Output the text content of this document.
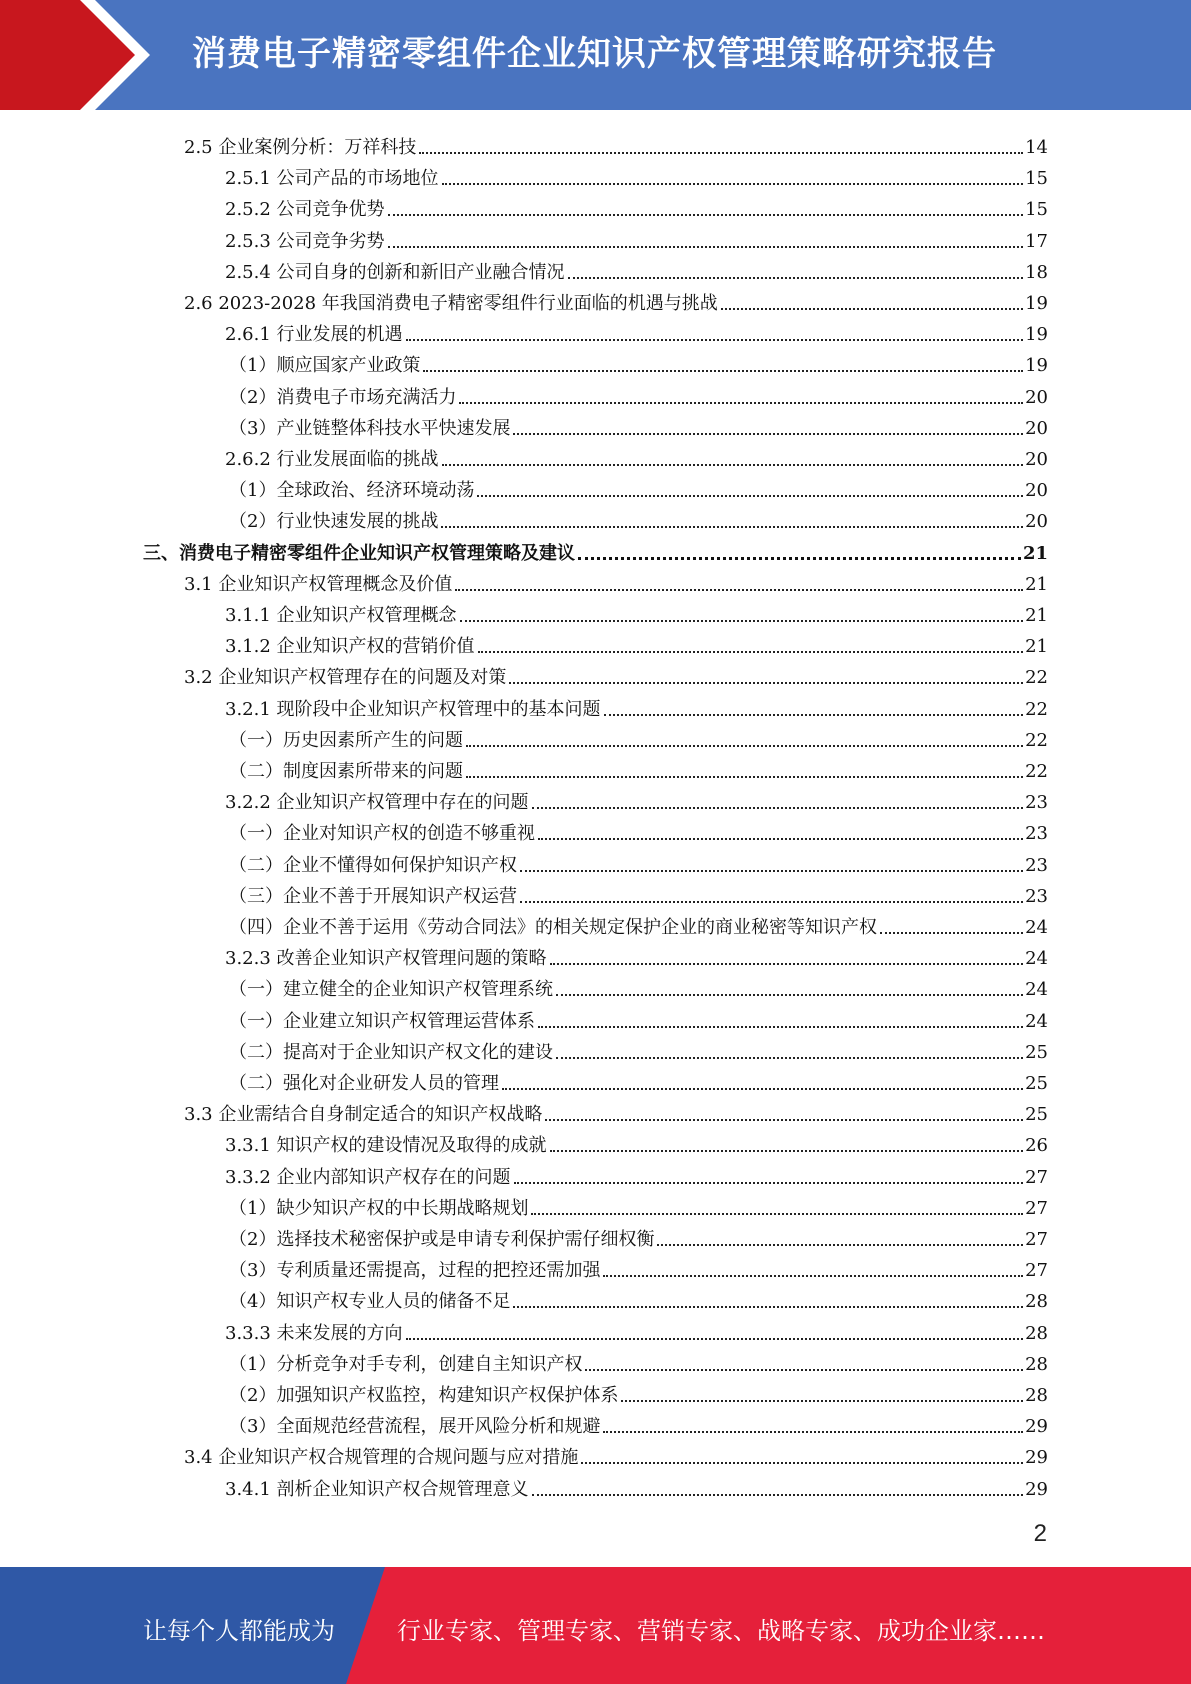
消费电子精密零组件企业知识产权管理策略研究报告
2.5 企业案例分析：万祥科技	14
2.5.1 公司产品的市场地位	15
2.5.2 公司竞争优势	15
2.5.3 公司竞争劣势	17
2.5.4 公司自身的创新和新旧产业融合情况	18
2.6 2023-2028 年我国消费电子精密零组件行业面临的机遇与挑战	19
2.6.1 行业发展的机遇	19
（1）顺应国家产业政策	19
（2）消费电子市场充满活力	20
（3）产业链整体科技水平快速发展	20
2.6.2 行业发展面临的挑战	20
（1）全球政治、经济环境动荡	20
（2）行业快速发展的挑战	20
三、消费电子精密零组件企业知识产权管理策略及建议	21
3.1 企业知识产权管理概念及价值	21
3.1.1 企业知识产权管理概念	21
3.1.2 企业知识产权的营销价值	21
3.2 企业知识产权管理存在的问题及对策	22
3.2.1 现阶段中企业知识产权管理中的基本问题	22
（一）历史因素所产生的问题	22
（二）制度因素所带来的问题	22
3.2.2 企业知识产权管理中存在的问题	23
（一）企业对知识产权的创造不够重视	23
（二）企业不懂得如何保护知识产权	23
（三）企业不善于开展知识产权运营	23
（四）企业不善于运用《劳动合同法》的相关规定保护企业的商业秘密等知识产权	24
3.2.3 改善企业知识产权管理问题的策略	24
（一）建立健全的企业知识产权管理系统	24
（一）企业建立知识产权管理运营体系	24
（二）提高对于企业知识产权文化的建设	25
（二）强化对企业研发人员的管理	25
3.3 企业需结合自身制定适合的知识产权战略	25
3.3.1 知识产权的建设情况及取得的成就	26
3.3.2 企业内部知识产权存在的问题	27
（1）缺少知识产权的中长期战略规划	27
（2）选择技术秘密保护或是申请专利保护需仔细权衡	27
（3）专利质量还需提高，过程的把控还需加强	27
（4）知识产权专业人员的储备不足	28
3.3.3 未来发展的方向	28
（1）分析竞争对手专利，创建自主知识产权	28
（2）加强知识产权监控，构建知识产权保护体系	28
（3）全面规范经营流程，展开风险分析和规避	29
3.4 企业知识产权合规管理的合规问题与应对措施	29
3.4.1 剖析企业知识产权合规管理意义	29
2
让每个人都能成为	行业专家、管理专家、营销专家、战略专家、成功企业家……
